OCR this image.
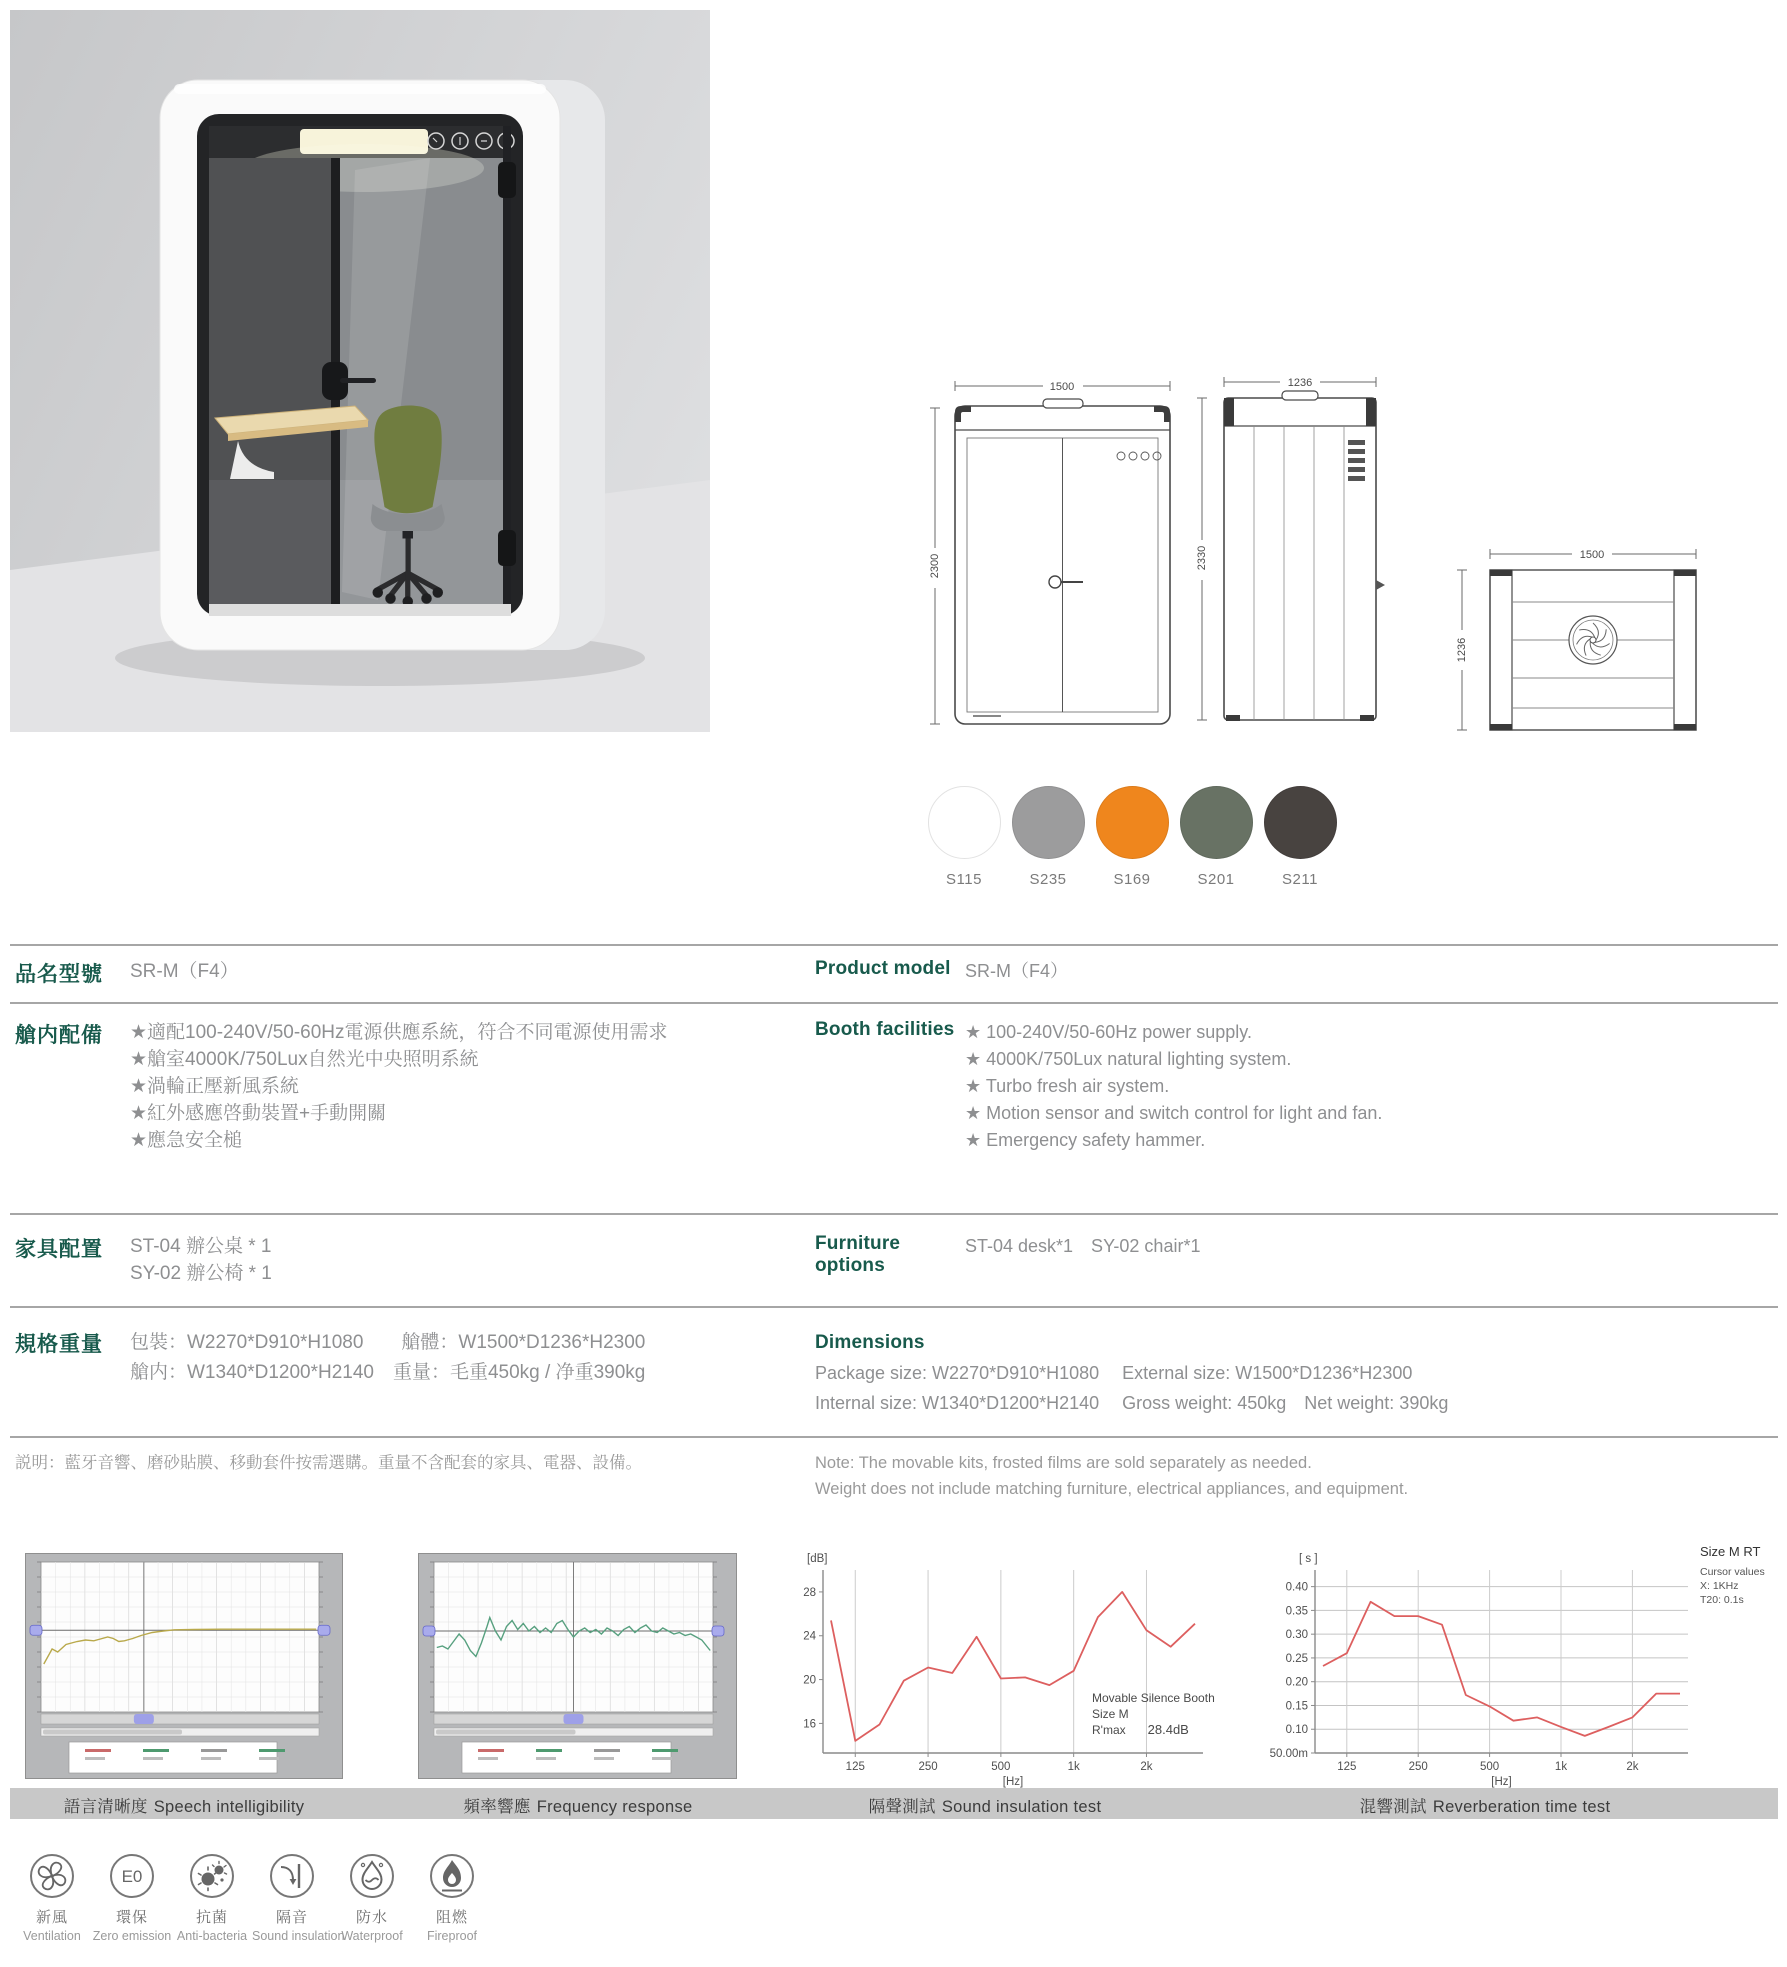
1500
2300
1236
2330	1500
1236
S115	S235	S169	S201	S211
品名型號	SR-M（F4）	Product model SR-M（F4）
艙内配備	★適配100-240V/50-60Hz電源供應系統，符合不同電源使用需求
★艙室4000K/750Lux自然光中央照明系統
★渦輪正壓新風系統
★紅外感應啓動裝置+手動開關
★應急安全槌
Booth facilities ★ 100-240V/50-60Hz power supply.
★ 4000K/750Lux natural lighting system.
★ Turbo fresh air system.
★ Motion sensor and switch control for light and fan.
★ Emergency safety hammer.
家具配置	ST-04 辦公桌 * 1
SY-02 辦公椅 * 1
Furniture options
ST-04 desk*1　SY-02 chair*1
規格重量	包裝：W2270*D910*H1080　　艙體：W1500*D1236*H2300
艙内：W1340*D1200*H2140　重量：毛重450kg / 净重390kg
Dimensions
Package size: W2270*D910*H1080　 External size: W1500*D1236*H2300
Internal size: W1340*D1200*H2140　 Gross weight: 450kg　Net weight: 390kg
説明：藍牙音響、磨砂貼膜、移動套件按需選購。重量不含配套的家具、電器、設備。	Note: The movable kits, frosted films are sold separately as needed.
Weight does not include matching furniture, electrical appliances, and equipment.
16
20
24
28
125	250	500	1k	2k
[dB]
[Hz]
50.00m
0.10
0.15
0.20
0.25
0.30
0.35
0.40
125	250	500	1k	2k
[ s ]
[Hz]
Movable Silence Booth
Size M
R'max 28.4dB
Size M RT
Cursor values
X: 1KHz
T20: 0.1s
語言清晰度 Speech intelligibility	頻率響應 Frequency response	隔聲測試 Sound insulation test	混響測試 Reverberation time test
新風
Ventilation
E0
環保
Zero emission
抗菌
Anti-bacteria
隔音
Sound insulation
防水
Waterproof
阻燃
Fireproof
